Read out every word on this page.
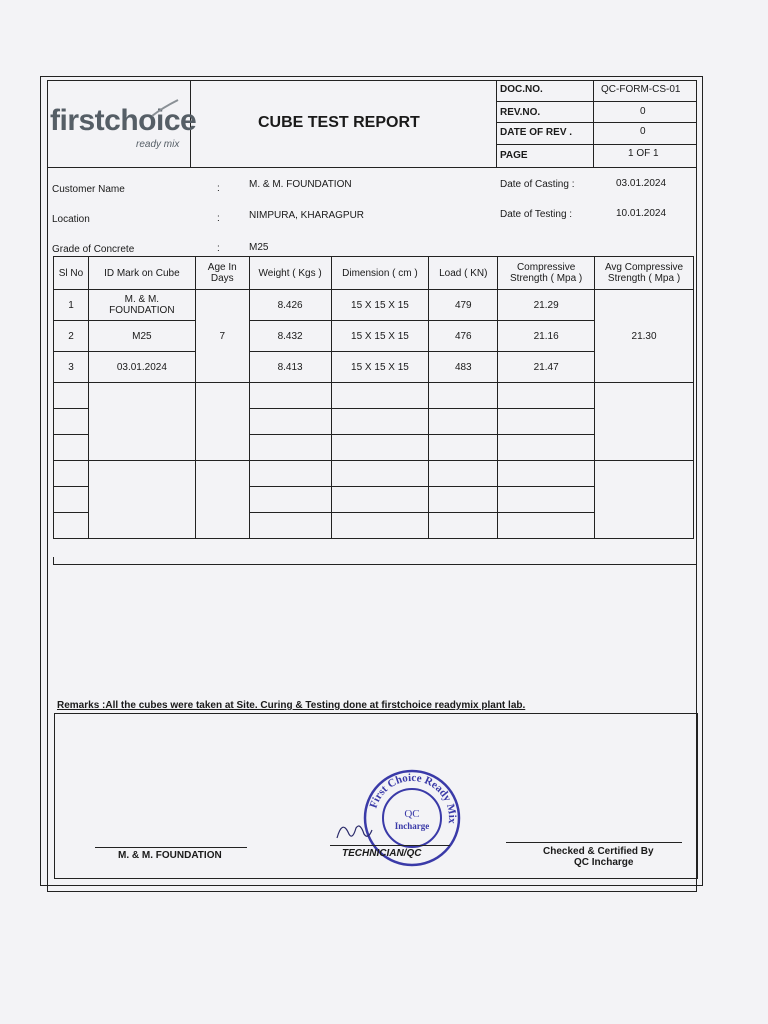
firstchoice
ready mix
CUBE TEST REPORT
DOC.NO.	QC-FORM-CS-01
REV.NO.	0
DATE OF REV .	0
PAGE	1 OF 1
Customer Name	:	M. & M. FOUNDATION
Location	:	NIMPURA, KHARAGPUR
Grade of Concrete	:	M25
Date of Casting :	03.01.2024
Date of Testing :	10.01.2024
Sl No	ID Mark on Cube	Age In Days	Weight ( Kgs )	Dimension ( cm )	Load ( KN)	Compressive Strength ( Mpa )	Avg Compressive Strength ( Mpa )
1	M. & M. FOUNDATION	7	8.426	15 X 15 X 15	479	21.29	21.30
2	M25		8.432	15 X 15 X 15	476	21.16	
3	03.01.2024		8.413	15 X 15 X 15	483	21.47	

Remarks :All the cubes were taken at Site. Curing & Testing done at firstchoice readymix plant lab.
First Choice Ready Mix
QC
Incharge
M. & M. FOUNDATION	TECHNICIAN/QC	Checked & Certified By
QC Incharge
